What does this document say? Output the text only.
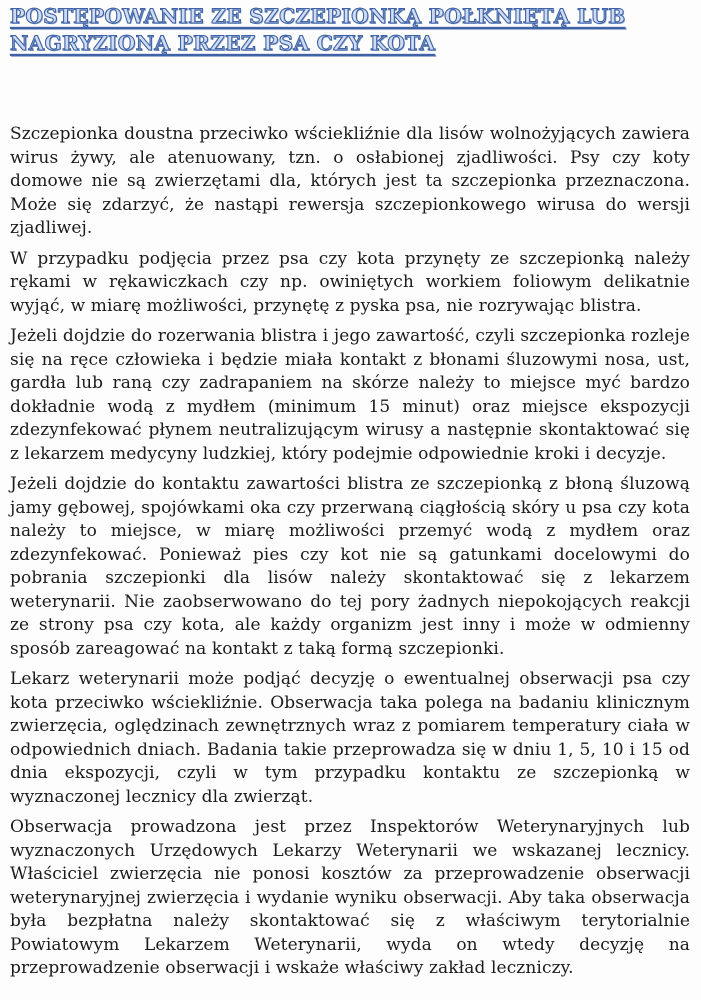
POSTĘPOWANIE ZE SZCZEPIONKĄ POŁKNIĘTĄ LUB NAGRYZIONĄ PRZEZ PSA CZY KOTA

Szczepionka doustna przeciwko wściekliźnie dla lisów wolnożyjących zawiera wirus żywy, ale atenuowany, tzn. o osłabionej zjadliwości. Psy czy koty domowe nie są zwierzętami dla, których jest ta szczepionka przeznaczona. Może się zdarzyć, że nastąpi rewersja szczepionkowego wirusa do wersji zjadliwej.

W przypadku podjęcia przez psa czy kota przynęty ze szczepionką należy rękami w rękawiczkach czy np. owiniętych workiem foliowym delikatnie wyjąć, w miarę możliwości, przynętę z pyska psa, nie rozrywając blistra.

Jeżeli dojdzie do rozerwania blistra i jego zawartość, czyli szczepionka rozleje się na ręce człowieka i będzie miała kontakt z błonami śluzowymi nosa, ust, gardła lub raną czy zadrapaniem na skórze należy to miejsce myć bardzo dokładnie wodą z mydłem (minimum 15 minut) oraz miejsce ekspozycji zdezynfekować płynem neutralizującym wirusy a następnie skontaktować się z lekarzem medycyny ludzkiej, który podejmie odpowiednie kroki i decyzje.

Jeżeli dojdzie do kontaktu zawartości blistra ze szczepionką z błoną śluzową jamy gębowej, spojówkami oka czy przerwaną ciągłością skóry u psa czy kota należy to miejsce, w miarę możliwości przemyć wodą z mydłem oraz zdezynfekować. Ponieważ pies czy kot nie są gatunkami docelowymi do pobrania szczepionki dla lisów należy skontaktować się z lekarzem weterynarii. Nie zaobserwowano do tej pory żadnych niepokojących reakcji ze strony psa czy kota, ale każdy organizm jest inny i może w odmienny sposób zareagować na kontakt z taką formą szczepionki.

Lekarz weterynarii może podjąć decyzję o ewentualnej obserwacji psa czy kota przeciwko wściekliźnie. Obserwacja taka polega na badaniu klinicznym zwierzęcia, oględzinach zewnętrznych wraz z pomiarem temperatury ciała w odpowiednich dniach. Badania takie przeprowadza się w dniu 1, 5, 10 i 15 od dnia ekspozycji, czyli w tym przypadku kontaktu ze szczepionką w wyznaczonej lecznicy dla zwierząt.

Obserwacja prowadzona jest przez Inspektorów Weterynaryjnych lub wyznaczonych Urzędowych Lekarzy Weterynarii we wskazanej lecznicy. Właściciel zwierzęcia nie ponosi kosztów za przeprowadzenie obserwacji weterynaryjnej zwierzęcia i wydanie wyniku obserwacji. Aby taka obserwacja była bezpłatna należy skontaktować się z właściwym terytorialnie Powiatowym Lekarzem Weterynarii, wyda on wtedy decyzję na przeprowadzenie obserwacji i wskaże właściwy zakład leczniczy.
